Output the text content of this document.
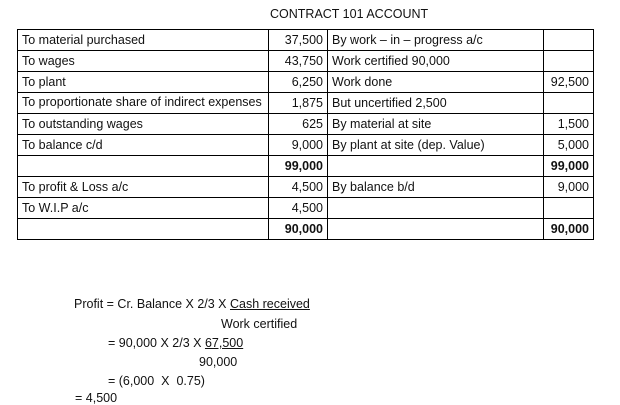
CONTRACT 101 ACCOUNT
To material purchased	37,500	By work – in – progress a/c	
To wages	43,750	Work certified 90,000	
To plant	6,250	Work done	92,500
To proportionate share of indirect expenses	1,875	But uncertified 2,500	
To outstanding wages	625	By material at site	1,500
To balance c/d	9,000	By plant at site (dep. Value)	5,000
	99,000		99,000
To profit & Loss a/c	4,500	By balance b/d	9,000
To W.I.P a/c	4,500		
	90,000		90,000
Profit = Cr. Balance X 2/3 X Cash received
Work certified
= 90,000 X 2/3 X 67,500
90,000
= (6,000  X  0.75)
= 4,500
